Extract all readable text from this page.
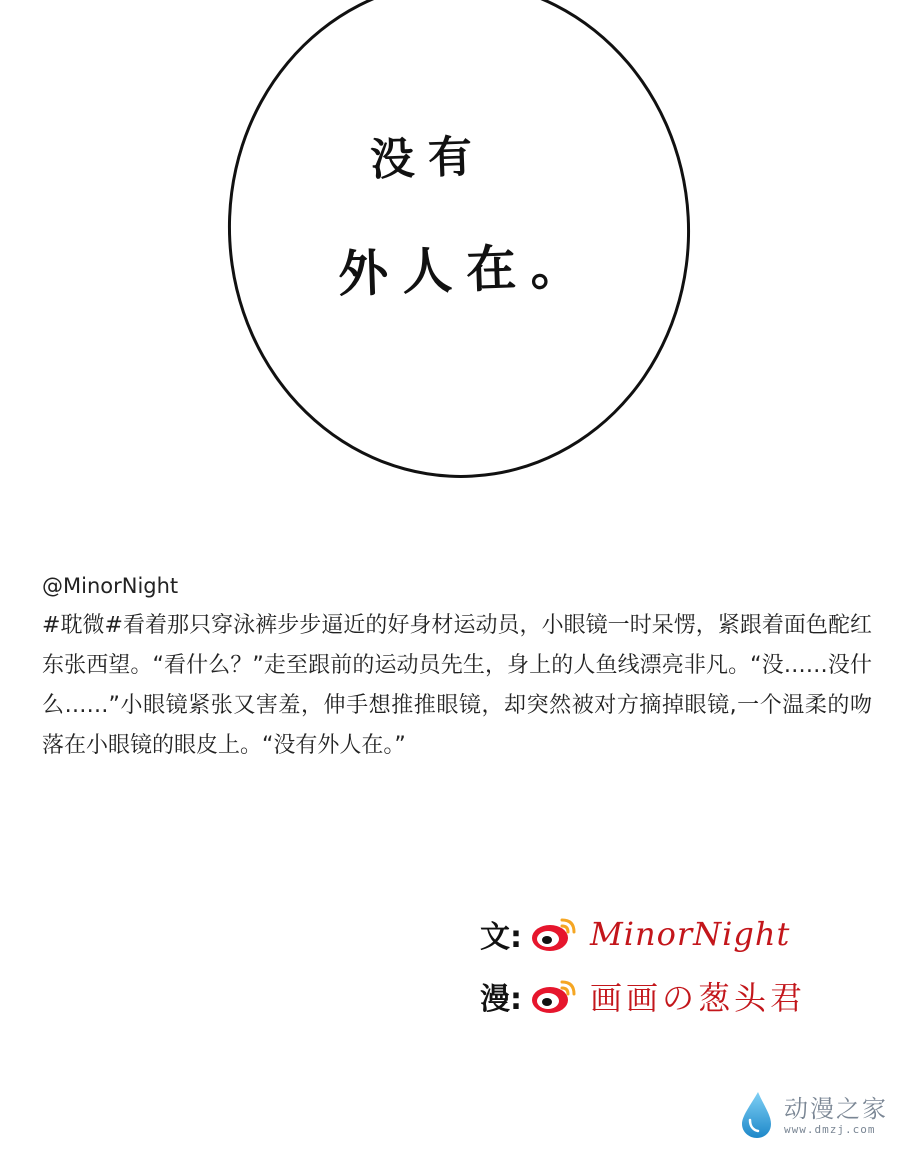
没有
外人在。
@MinorNight
#耽微#看着那只穿泳裤步步逼近的好身材运动员，小眼镜一时呆愣，紧跟着面色酡红东张西望。“看什么？”走至跟前的运动员先生，身上的人鱼线漂亮非凡。“没……没什么……”小眼镜紧张又害羞，伸手想推推眼镜，却突然被对方摘掉眼镜,一个温柔的吻落在小眼镜的眼皮上。“没有外人在。”
文: MinorNight
漫: 画画の葱头君
动漫之家
www.dmzj.com
